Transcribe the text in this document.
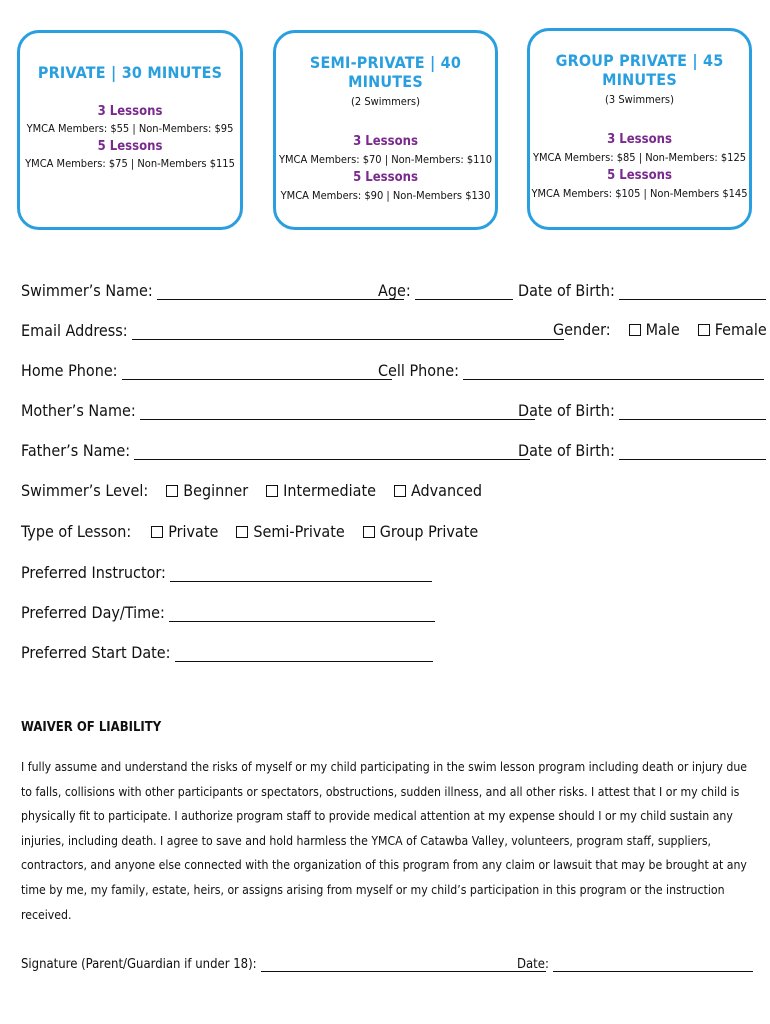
PRIVATE | 30 MINUTES
3 Lessons
YMCA Members: $55 | Non-Members: $95
5 Lessons
YMCA Members: $75 | Non-Members $115
SEMI-PRIVATE | 40 MINUTES
(2 Swimmers)
3 Lessons
YMCA Members: $70 | Non-Members: $110
5 Lessons
YMCA Members: $90 | Non-Members $130
GROUP PRIVATE | 45 MINUTES
(3 Swimmers)
3 Lessons
YMCA Members: $85 | Non-Members: $125
5 Lessons
YMCA Members: $105 | Non-Members $145
Swimmer’s Name:	Age:	Date of Birth:
Email Address:	Gender:	Male	Female
Home Phone:	Cell Phone:
Mother’s Name:	Date of Birth:
Father’s Name:	Date of Birth:
Swimmer’s Level:	Beginner	Intermediate	Advanced
Type of Lesson:	Private	Semi-Private	Group Private
Preferred Instructor:
Preferred Day/Time:
Preferred Start Date:
WAIVER OF LIABILITY
I fully assume and understand the risks of myself or my child participating in the swim lesson program including death or injury due to falls, collisions with other participants or spectators, obstructions, sudden illness, and all other risks. I attest that I or my child is physically fit to participate. I authorize program staff to provide medical attention at my expense should I or my child sustain any injuries, including death. I agree to save and hold harmless the YMCA of Catawba Valley, volunteers, program staff, suppliers, contractors, and anyone else connected with the organization of this program from any claim or lawsuit that may be brought at any time by me, my family, estate, heirs, or assigns arising from myself or my child’s participation in this program or the instruction received.
Signature (Parent/Guardian if under 18):	Date:
